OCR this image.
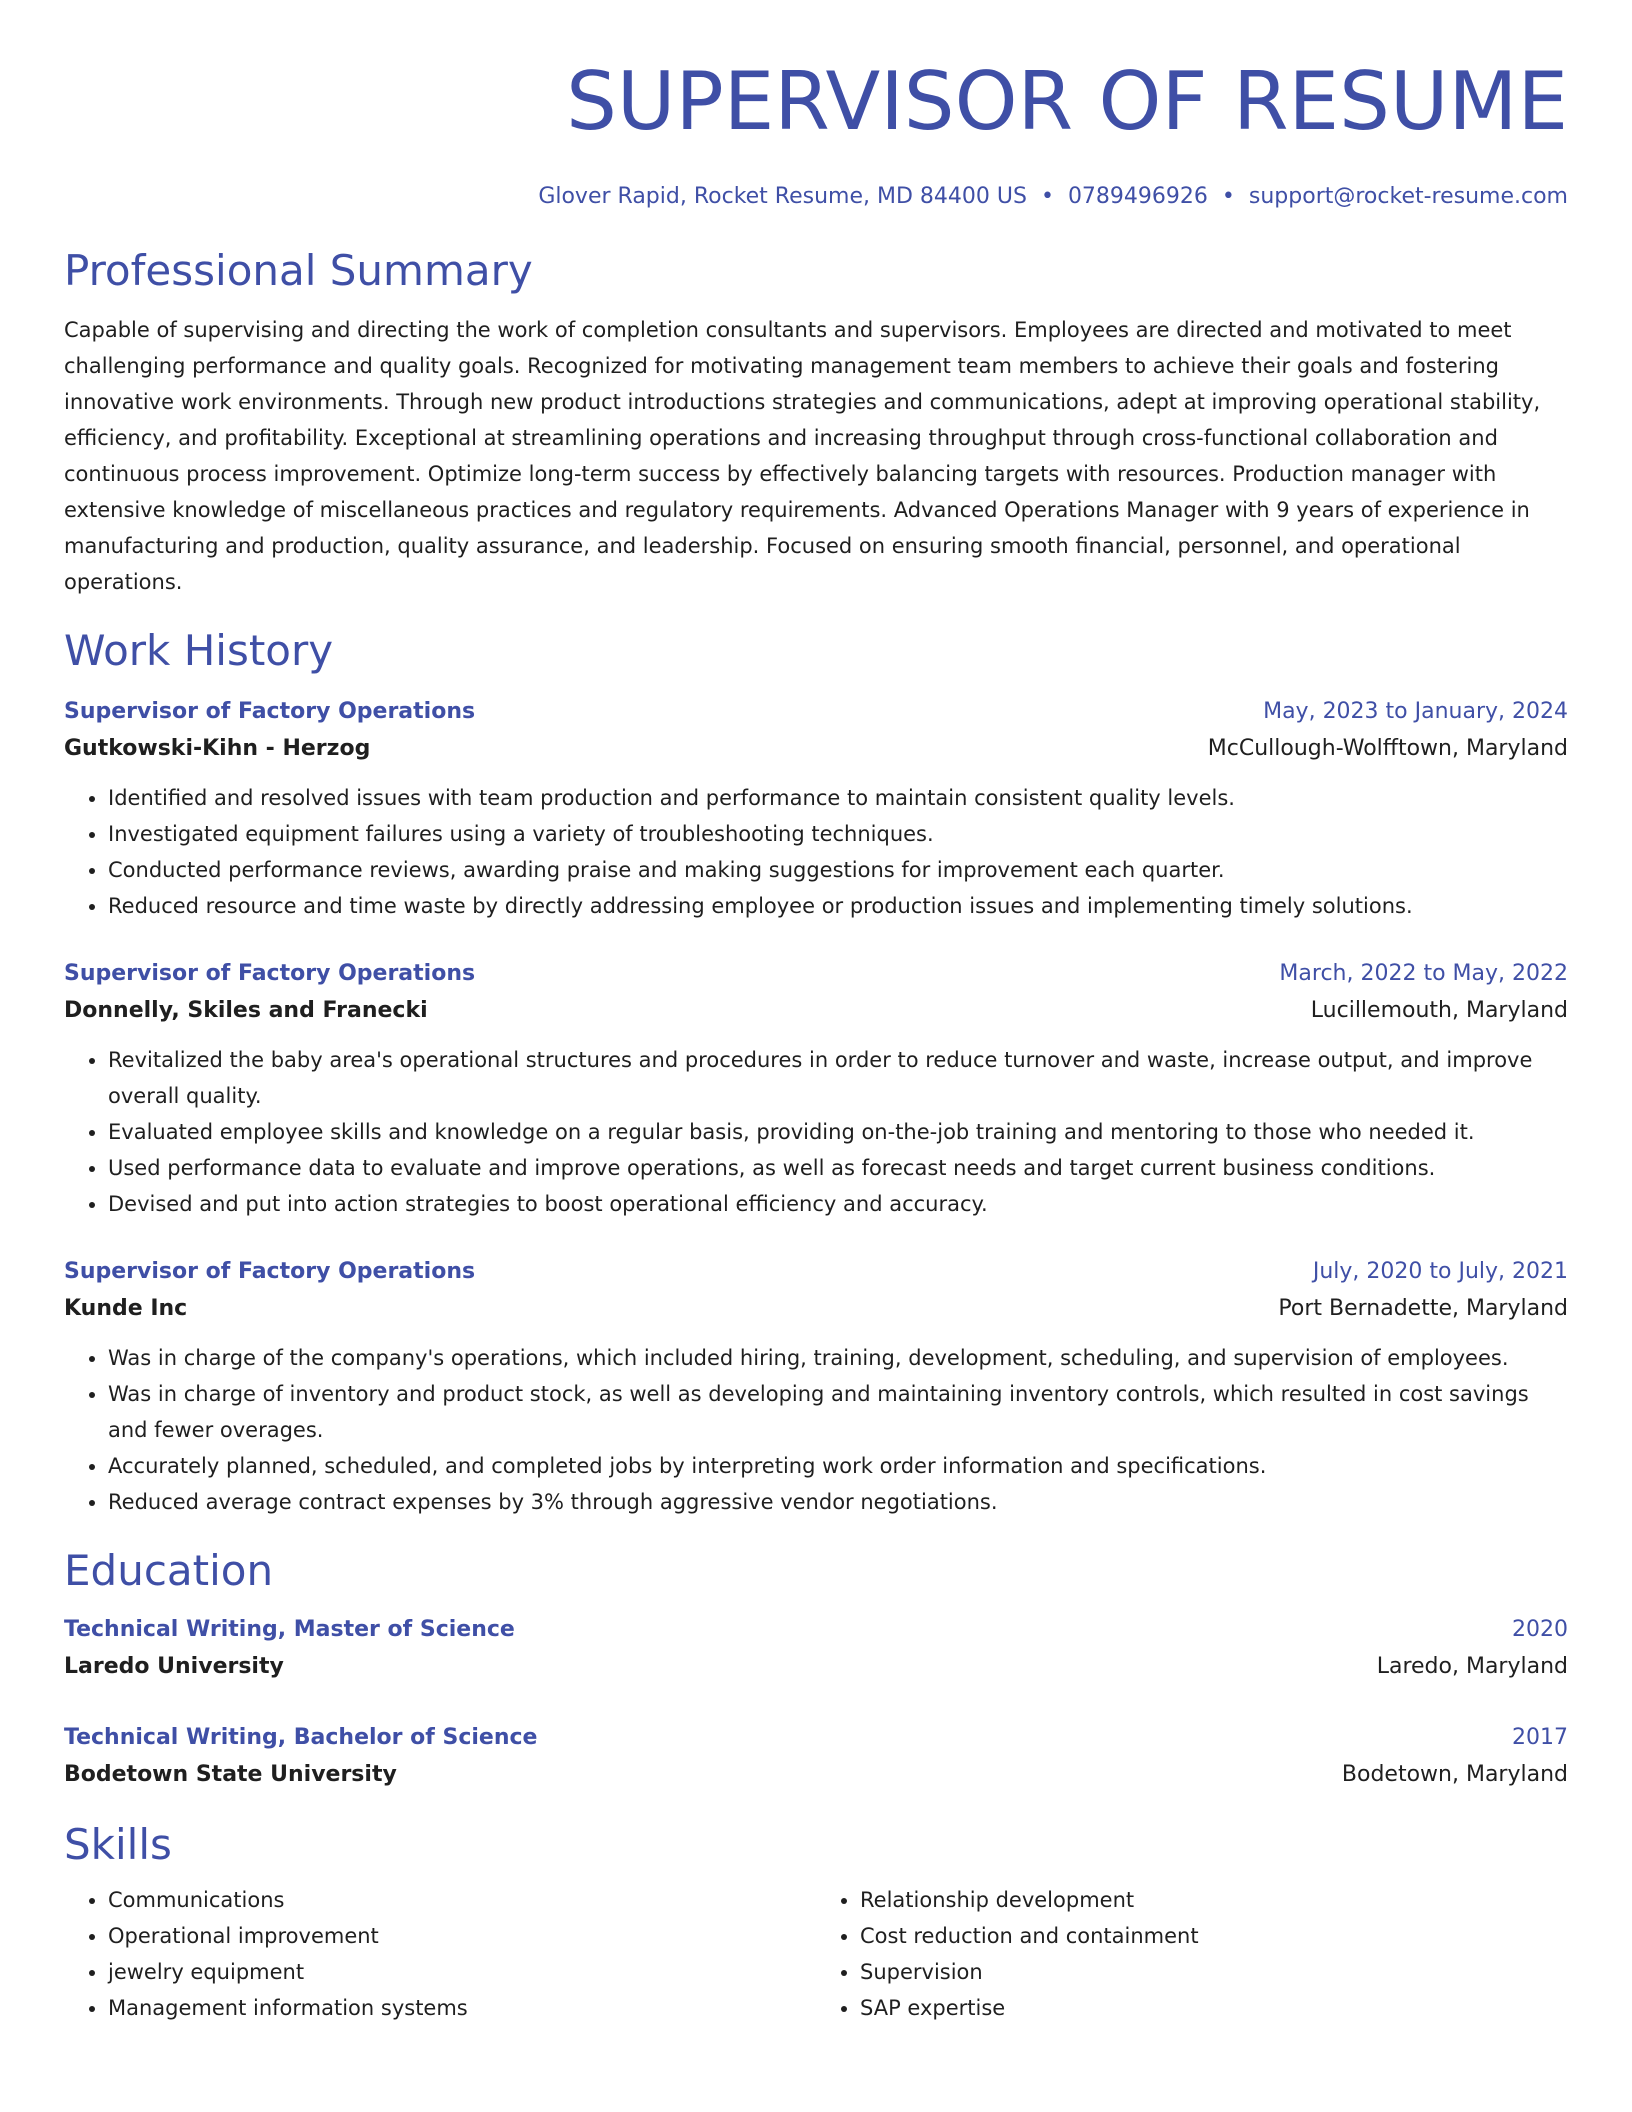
SUPERVISOR OF RESUME
Glover Rapid, Rocket Resume, MD 84400 US • 0789496926 • support@rocket-resume.com
Professional Summary
Capable of supervising and directing the work of completion consultants and supervisors. Employees are directed and motivated to meet challenging performance and quality goals. Recognized for motivating management team members to achieve their goals and fostering innovative work environments. Through new product introductions strategies and communications, adept at improving operational stability, efficiency, and profitability. Exceptional at streamlining operations and increasing throughput through cross-functional collaboration and continuous process improvement. Optimize long-term success by effectively balancing targets with resources. Production manager with extensive knowledge of miscellaneous practices and regulatory requirements. Advanced Operations Manager with 9 years of experience in manufacturing and production, quality assurance, and leadership. Focused on ensuring smooth financial, personnel, and operational operations.
Work History
Supervisor of Factory Operations	May, 2023 to January, 2024
Gutkowski-Kihn - Herzog	McCullough-Wolfftown, Maryland
• Identified and resolved issues with team production and performance to maintain consistent quality levels.
• Investigated equipment failures using a variety of troubleshooting techniques.
• Conducted performance reviews, awarding praise and making suggestions for improvement each quarter.
• Reduced resource and time waste by directly addressing employee or production issues and implementing timely solutions.
Supervisor of Factory Operations	March, 2022 to May, 2022
Donnelly, Skiles and Franecki	Lucillemouth, Maryland
• Revitalized the baby area's operational structures and procedures in order to reduce turnover and waste, increase output, and improve overall quality.
• Evaluated employee skills and knowledge on a regular basis, providing on-the-job training and mentoring to those who needed it.
• Used performance data to evaluate and improve operations, as well as forecast needs and target current business conditions.
• Devised and put into action strategies to boost operational efficiency and accuracy.
Supervisor of Factory Operations	July, 2020 to July, 2021
Kunde Inc	Port Bernadette, Maryland
• Was in charge of the company's operations, which included hiring, training, development, scheduling, and supervision of employees.
• Was in charge of inventory and product stock, as well as developing and maintaining inventory controls, which resulted in cost savings and fewer overages.
• Accurately planned, scheduled, and completed jobs by interpreting work order information and specifications.
• Reduced average contract expenses by 3% through aggressive vendor negotiations.
Education
Technical Writing, Master of Science	2020
Laredo University	Laredo, Maryland
Technical Writing, Bachelor of Science	2017
Bodetown State University	Bodetown, Maryland
Skills
• Communications
• Operational improvement
• jewelry equipment
• Management information systems
• Relationship development
• Cost reduction and containment
• Supervision
• SAP expertise
